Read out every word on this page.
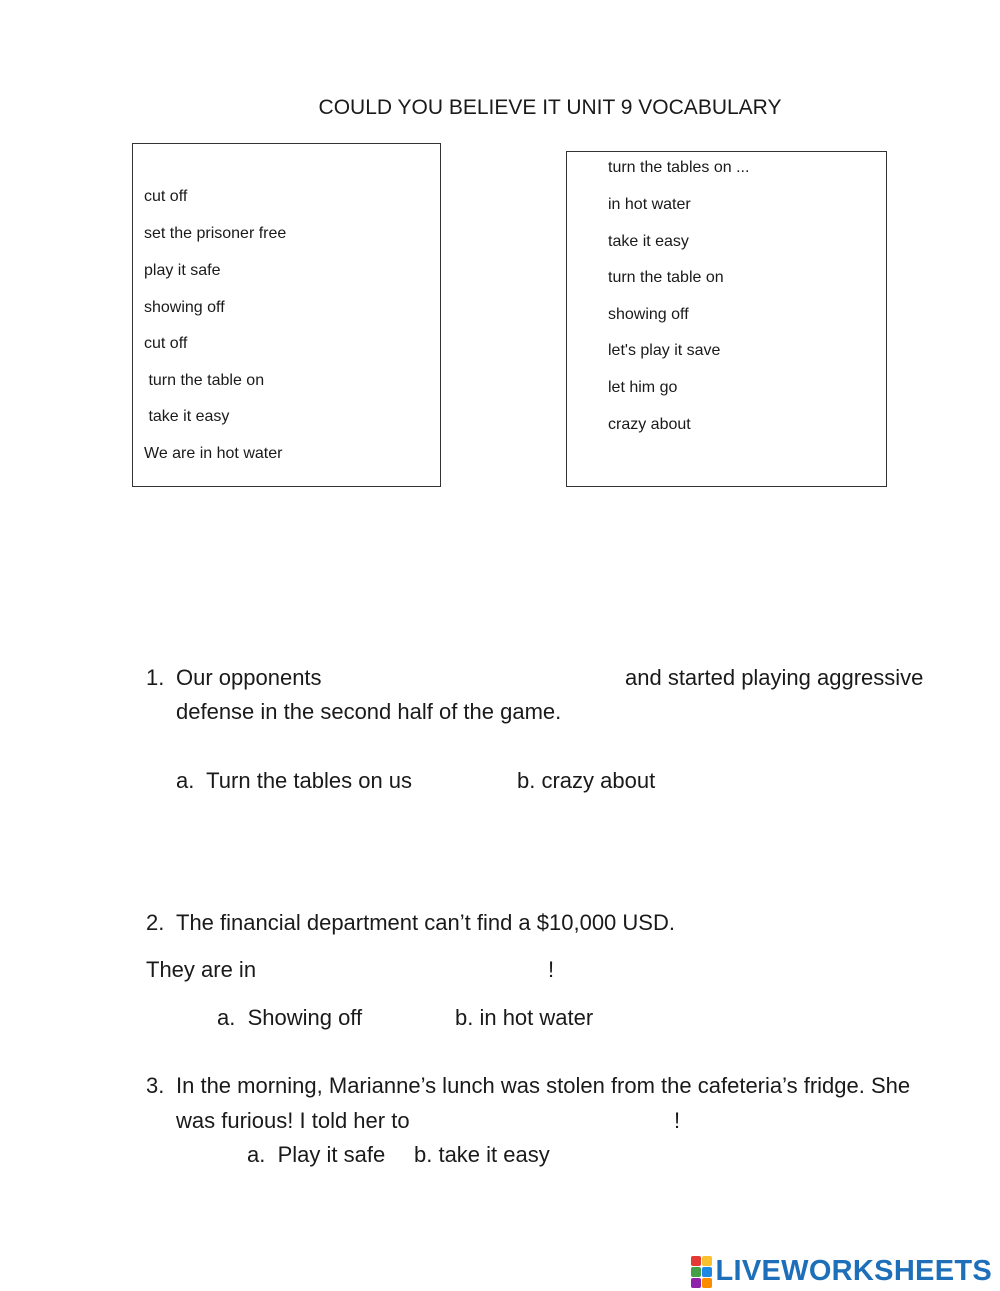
COULD YOU BELIEVE IT UNIT 9 VOCABULARY
cut off
set the prisoner free
play it safe
showing off
cut off
turn the table on
take it easy
We are in hot water
turn the tables on ...
in hot water
take it easy
turn the table on
showing off
let's play it save
let him go
crazy about
1. Our opponents	and started playing aggressive
defense in the second half of the game.
a.  Turn the tables on us	b. crazy about
2. The financial department can’t find a $10,000 USD.
They are in	!
a.  Showing off	b. in hot water
3. In the morning, Marianne’s lunch was stolen from the cafeteria’s fridge. She
was furious! I told her to	!
a.  Play it safe b. take it easy
LIVEWORKSHEETS
